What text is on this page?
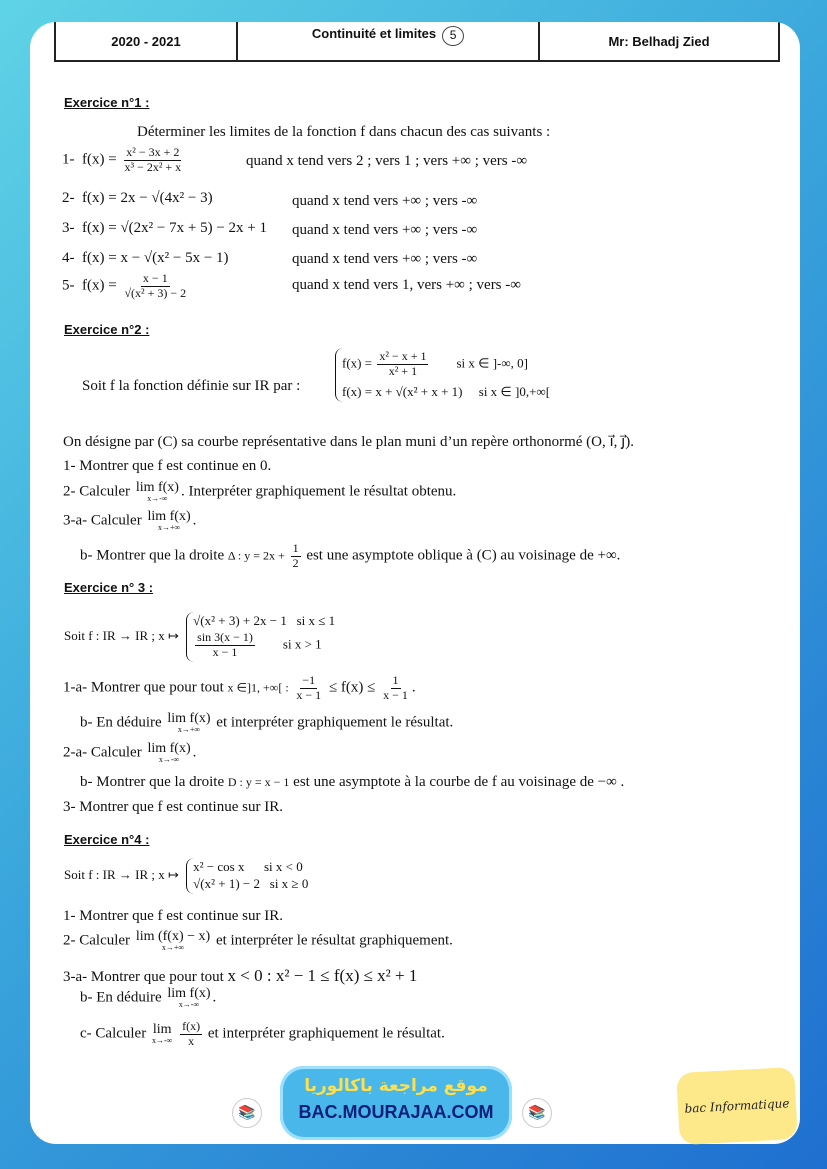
2020 - 2021	Continuité et limites	5	Mr: Belhadj Zied
Exercice n°1 :
Déterminer les limites de la fonction f dans chacun des cas suivants :
1- $f(x) = \frac{\text{x² − 3x + 2}}{\text{x³ − 2x² + x}}$	quand x tend vers 2 ; vers 1 ; vers +∞ ; vers -∞
2- f(x) = 2x − √(4x² − 3)	quand x tend vers +∞ ; vers -∞
3- f(x) = √(2x² − 7x + 5) − 2x + 1 quand x tend vers +∞ ; vers -∞
4- f(x) = x − √(x² − 5x − 1)	quand x tend vers +∞ ; vers -∞
5- $f(x) = \frac{x - 1}{\text{√(x² + 3) − 2}}$	quand x tend vers 1, vers +∞ ; vers -∞
Exercice n°2 :
Soit f la fonction définie sur IR par :
$f(x) = \frac{\text{x² − x + 1}}{\text{x² + 1}}$ si x ∈ ]-∞, 0]
f(x) = x + √(x² + x + 1) si x ∈ ]0,+∞[
On désigne par (C) sa courbe représentative dans le plan muni d’un repère orthonormé (O, i⃗, j⃗).
1- Montrer que f est continue en 0.
2- Calculer lim f(x)
x→-∞ . Interpréter graphiquement le résultat obtenu.
3-a- Calculer lim f(x)
x→+∞ .
b- Montrer que la droite Δ : $y = 2x + \frac{1}{2}$ est une asymptote oblique à (C) au voisinage de +∞.
Exercice n° 3 :
Soit f : IR → IR ; x ↦
√(x² + 3) + 2x − 1 si x ≤ 1
$\frac{\sin 3(x - 1)}{x - 1}$ si x > 1
1-a- Montrer que pour tout x ∈]1, +∞[ : $\frac{-1}{x - 1} \le f(x) \le \frac{1}{x - 1}$ .
b- En déduire lim f(x)
x→+∞ et interpréter graphiquement le résultat.
2-a- Calculer lim f(x)
x→-∞ .
b- Montrer que la droite D : y = x − 1 est une asymptote à la courbe de f au voisinage de −∞ .
3- Montrer que f est continue sur IR.
Exercice n°4 :
Soit f : IR → IR ; x ↦
x² − cos x si x < 0
√(x² + 1) − 2 si x ≥ 0
1- Montrer que f est continue sur IR.
2- Calculer lim (f(x) − x)
x→+∞ et interpréter le résultat graphiquement.
3-a- Montrer que pour tout x < 0 : x² − 1 ≤ f(x) ≤ x² + 1
b- En déduire lim f(x)
x→-∞ .
c- Calculer lim
x→-∞
$\frac{f(x)}{x}$ et interpréter graphiquement le résultat.
📚
موقع مراجعة باكالوريا
BAC.MOURAJAA.COM	📚	bac Informatique
